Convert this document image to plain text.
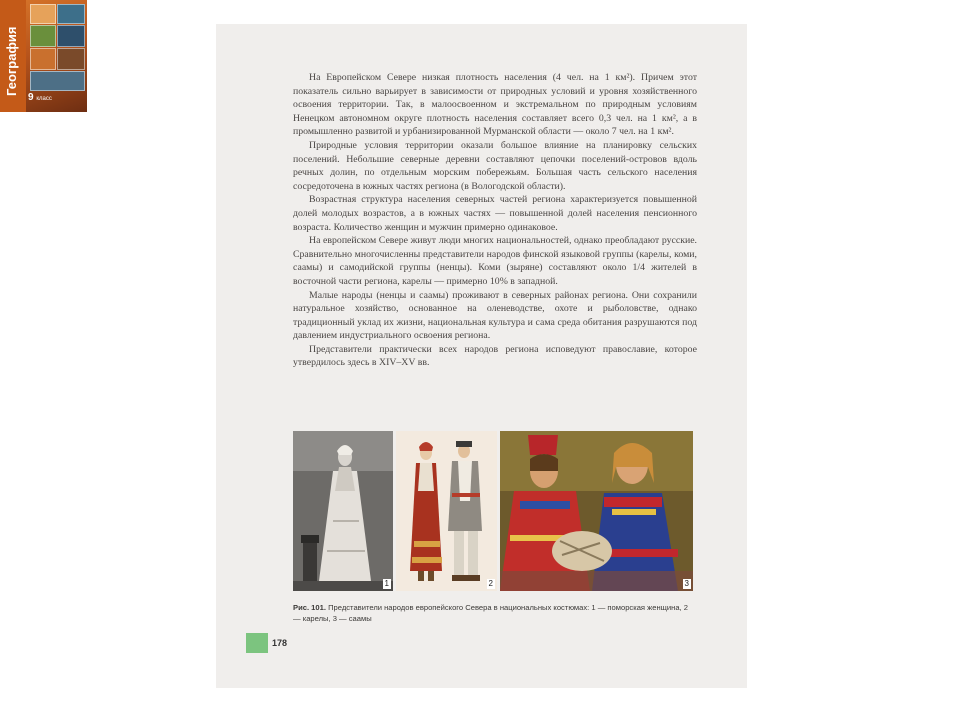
География
9 класс

На Европейском Севере низкая плотность населения (4 чел. на 1 км²). Причем этот показатель сильно варьирует в зависимости от природных условий и уровня хозяйственного освоения территории. Так, в малоосвоенном и экстремальном по природным условиям Ненецком автономном округе плотность населения составляет всего 0,3 чел. на 1 км², а в промышленно развитой и урбанизированной Мурманской области — около 7 чел. на 1 км².

Природные условия территории оказали большое влияние на планировку сельских поселений. Небольшие северные деревни составляют цепочки поселений-островов вдоль речных долин, по отдельным морским побережьям. Большая часть сельского населения сосредоточена в южных частях региона (в Вологодской области).

Возрастная структура населения северных частей региона характеризуется повышенной долей молодых возрастов, а в южных частях — повышенной долей населения пенсионного возраста. Количество женщин и мужчин примерно одинаковое.

На европейском Севере живут люди многих национальностей, однако преобладают русские. Сравнительно многочисленны представители народов финской языковой группы (карелы, коми, саамы) и самодийской группы (ненцы). Коми (зыряне) составляют около 1/4 жителей в восточной части региона, карелы — примерно 10% в западной.

Малые народы (ненцы и саамы) проживают в северных районах региона. Они сохранили натуральное хозяйство, основанное на оленеводстве, охоте и рыболовстве, однако традиционный уклад их жизни, национальная культура и сама среда обитания разрушаются под давлением индустриального освоения региона.

Представители практически всех народов региона исповедуют православие, которое утвердилось здесь в XIV–XV вв.

1	2	3
Рис. 101. Представители народов европейского Севера в национальных костюмах: 1 — поморская женщина, 2 — карелы, 3 — саамы
178
